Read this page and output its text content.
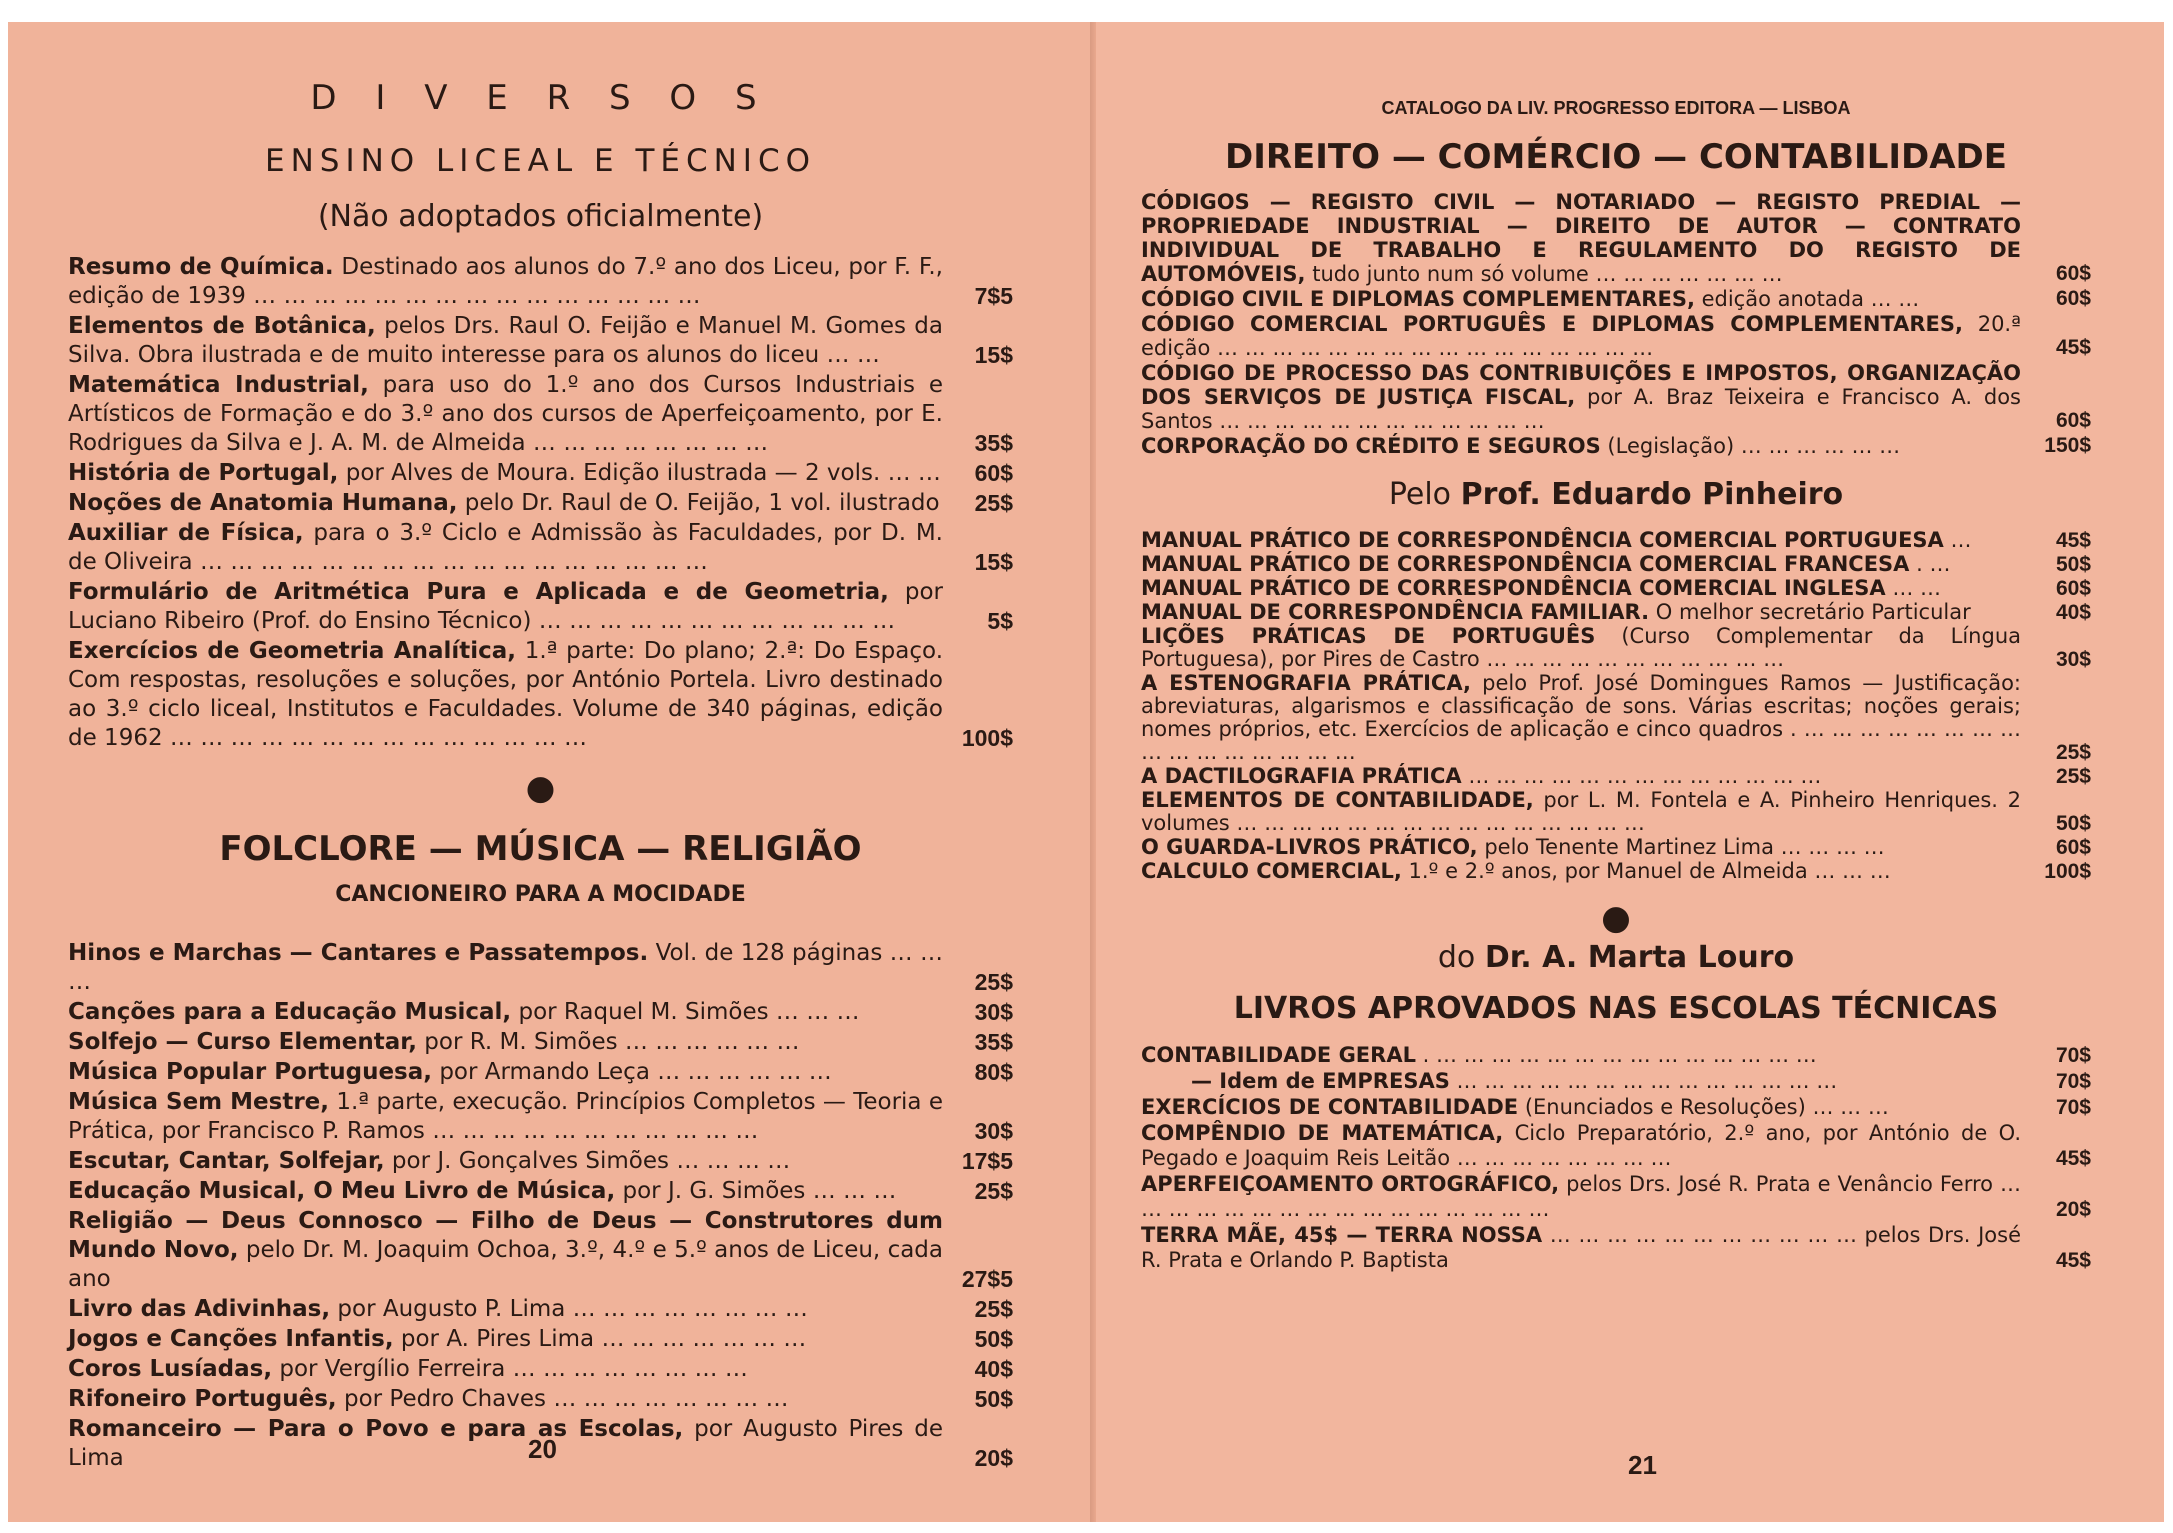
D I V E R S O S
ENSINO LICEAL E TÉCNICO
(Não adoptados oficialmente)
Resumo de Química. Destinado aos alunos do 7.º ano dos Liceu, por F. F., edição de 1939 … … … … … … … … … … … … … … …	7$5
Elementos de Botânica, pelos Drs. Raul O. Feijão e Manuel M. Gomes da Silva. Obra ilustrada e de muito interesse para os alunos do liceu … …	15$
Matemática Industrial, para uso do 1.º ano dos Cursos Industriais e Artísticos de Formação e do 3.º ano dos cursos de Aperfeiçoamento, por E. Rodrigues da Silva e J. A. M. de Almeida … … … … … … … …	35$
História de Portugal, por Alves de Moura. Edição ilustrada — 2 vols. … …	60$
Noções de Anatomia Humana, pelo Dr. Raul de O. Feijão, 1 vol. ilustrado	25$
Auxiliar de Física, para o 3.º Ciclo e Admissão às Faculdades, por D. M. de Oliveira … … … … … … … … … … … … … … … … …	15$
Formulário de Aritmética Pura e Aplicada e de Geometria, por Luciano Ribeiro (Prof. do Ensino Técnico) … … … … … … … … … … … …	5$
Exercícios de Geometria Analítica, 1.ª parte: Do plano; 2.ª: Do Espaço. Com respostas, resoluções e soluções, por António Portela. Livro destinado ao 3.º ciclo liceal, Institutos e Faculdades. Volume de 340 páginas, edição de 1962 … … … … … … … … … … … … … …	100$
●
FOLCLORE — MÚSICA — RELIGIÃO
CANCIONEIRO PARA A MOCIDADE
Hinos e Marchas — Cantares e Passatempos. Vol. de 128 páginas … … …	25$
Canções para a Educação Musical, por Raquel M. Simões … … …	30$
Solfejo — Curso Elementar, por R. M. Simões … … … … … …	35$
Música Popular Portuguesa, por Armando Leça … … … … … …	80$
Música Sem Mestre, 1.ª parte, execução. Princípios Completos — Teoria e Prática, por Francisco P. Ramos … … … … … … … … … … …	30$
Escutar, Cantar, Solfejar, por J. Gonçalves Simões … … … …	17$5
Educação Musical, O Meu Livro de Música, por J. G. Simões … … …	25$
Religião — Deus Connosco — Filho de Deus — Construtores dum Mundo Novo, pelo Dr. M. Joaquim Ochoa, 3.º, 4.º e 5.º anos de Liceu, cada ano	27$5
Livro das Adivinhas, por Augusto P. Lima … … … … … … … …	25$
Jogos e Canções Infantis, por A. Pires Lima … … … … … … …	50$
Coros Lusíadas, por Vergílio Ferreira … … … … … … … …	40$
Rifoneiro Português, por Pedro Chaves … … … … … … … …	50$
Romanceiro — Para o Povo e para as Escolas, por Augusto Pires de Lima	20$
20
CATALOGO DA LIV. PROGRESSO EDITORA — LISBOA
DIREITO — COMÉRCIO — CONTABILIDADE
CÓDIGOS — REGISTO CIVIL — NOTARIADO — REGISTO PREDIAL — PROPRIEDADE INDUSTRIAL — DIREITO DE AUTOR — CONTRATO INDIVIDUAL DE TRABALHO E REGULAMENTO DO REGISTO DE AUTOMÓVEIS, tudo junto num só volume … … … … … … …	60$
CÓDIGO CIVIL E DIPLOMAS COMPLEMENTARES, edição anotada … …	60$
CÓDIGO COMERCIAL PORTUGUÊS E DIPLOMAS COMPLEMENTARES, 20.ª edição … … … … … … … … … … … … … … … …	45$
CÓDIGO DE PROCESSO DAS CONTRIBUIÇÕES E IMPOSTOS, ORGANIZAÇÃO DOS SERVIÇOS DE JUSTIÇA FISCAL, por A. Braz Teixeira e Francisco A. dos Santos … … … … … … … … … … … …	60$
CORPORAÇÃO DO CRÉDITO E SEGUROS (Legislação) … … … … … …	150$
Pelo Prof. Eduardo Pinheiro
MANUAL PRÁTICO DE CORRESPONDÊNCIA COMERCIAL PORTUGUESA …	45$
MANUAL PRÁTICO DE CORRESPONDÊNCIA COMERCIAL FRANCESA . …	50$
MANUAL PRÁTICO DE CORRESPONDÊNCIA COMERCIAL INGLESA … …	60$
MANUAL DE CORRESPONDÊNCIA FAMILIAR. O melhor secretário Particular	40$
LIÇÕES PRÁTICAS DE PORTUGUÊS (Curso Complementar da Língua Portuguesa), por Pires de Castro … … … … … … … … … … …	30$
A ESTENOGRAFIA PRÁTICA, pelo Prof. José Domingues Ramos — Justificação: abreviaturas, algarismos e classificação de sons. Várias escritas; noções gerais; nomes próprios, etc. Exercícios de aplicação e cinco quadros . … … … … … … … … … … … … … … … …	25$
A DACTILOGRAFIA PRÁTICA … … … … … … … … … … … … …	25$
ELEMENTOS DE CONTABILIDADE, por L. M. Fontela e A. Pinheiro Henriques. 2 volumes … … … … … … … … … … … … … … …	50$
O GUARDA-LIVROS PRÁTICO, pelo Tenente Martinez Lima … … … …	60$
CALCULO COMERCIAL, 1.º e 2.º anos, por Manuel de Almeida … … …	100$
●
do Dr. A. Marta Louro
LIVROS APROVADOS NAS ESCOLAS TÉCNICAS
CONTABILIDADE GERAL . … … … … … … … … … … … … … …	70$
— Idem de EMPRESAS … … … … … … … … … … … … … …	70$
EXERCÍCIOS DE CONTABILIDADE (Enunciados e Resoluções) … … …	70$
COMPÊNDIO DE MATEMÁTICA, Ciclo Preparatório, 2.º ano, por António de O. Pegado e Joaquim Reis Leitão … … … … … … … …	45$
APERFEIÇOAMENTO ORTOGRÁFICO, pelos Drs. José R. Prata e Venâncio Ferro … … … … … … … … … … … … … … … …	20$
TERRA MÃE, 45$ — TERRA NOSSA … … … … … … … … … … … pelos Drs. José R. Prata e Orlando P. Baptista	45$
21
